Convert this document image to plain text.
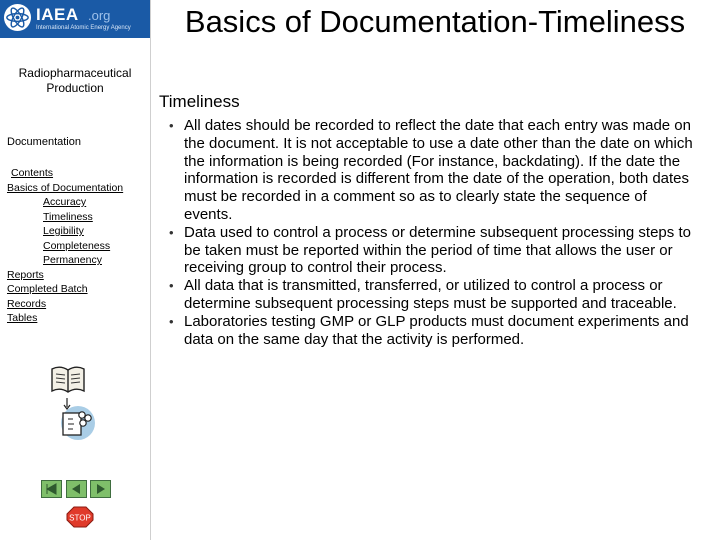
IAEA .org
International Atomic Energy Agency
Radiopharmaceutical Production
Documentation
Contents
Basics of Documentation
Accuracy
Timeliness
Legibility
Completeness
Permanency
Reports
Completed Batch
Records
Tables
STOP
Basics of Documentation-Timeliness
Timeliness
• All dates should be recorded to reflect the date that each entry was made on the document. It is not acceptable to use a date other than the date on which the information is being recorded (For instance, backdating). If the date the information is recorded is different from the date of the operation, both dates must be recorded in a comment so as to clearly state the sequence of events.
• Data used to control a process or determine subsequent processing steps to be taken must be reported within the period of time that allows the user or receiving group to control their process.
• All data that is transmitted, transferred, or utilized to control a process or determine subsequent processing steps must be supported and traceable.
• Laboratories testing GMP or GLP products must document experiments and data on the same day that the activity is performed.
